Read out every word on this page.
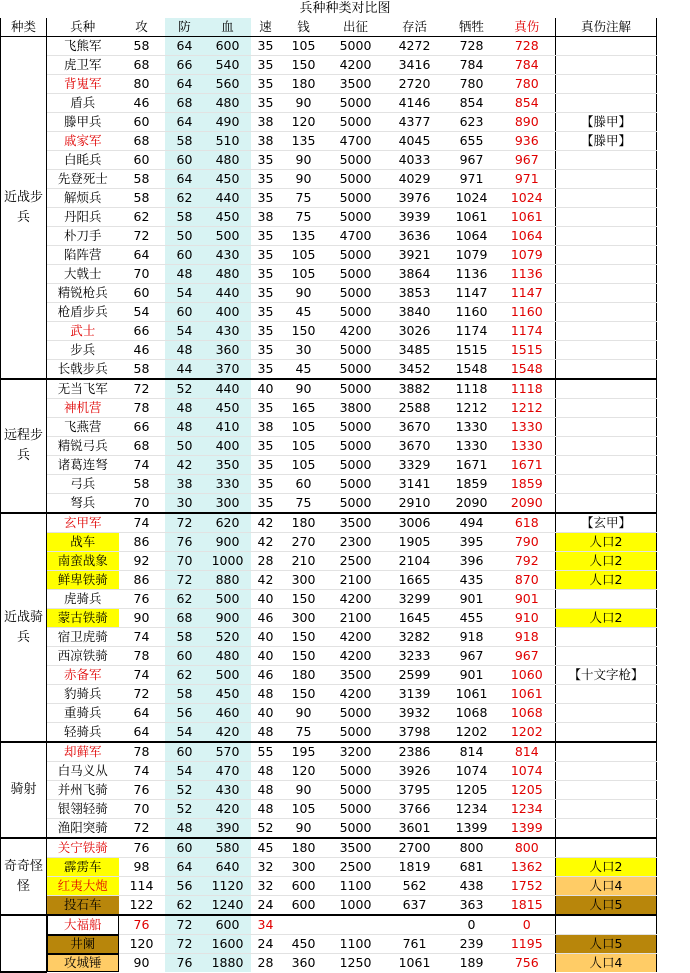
兵种种类对比图
种类	兵种	攻	防	血	速	钱	出征	存活	牺牲	真伤	真伤注解
近战步兵	飞熊军	58	64	600	35	105	5000	4272	728	728	
	虎卫军	68	66	540	35	150	4200	3416	784	784	
	背嵬军	80	64	560	35	180	3500	2720	780	780	
	盾兵	46	68	480	35	90	5000	4146	854	854	
	滕甲兵	60	64	490	38	120	5000	4377	623	890	【滕甲】
	戚家军	68	58	510	38	135	4700	4045	655	936	【滕甲】
	白眊兵	60	60	480	35	90	5000	4033	967	967	
	先登死士	58	64	450	35	90	5000	4029	971	971	
	解烦兵	58	62	440	35	75	5000	3976	1024	1024	
	丹阳兵	62	58	450	38	75	5000	3939	1061	1061	
	朴刀手	72	50	500	35	135	4700	3636	1064	1064	
	陷阵营	64	60	430	35	105	5000	3921	1079	1079	
	大戟士	70	48	480	35	105	5000	3864	1136	1136	
	精锐枪兵	60	54	440	35	90	5000	3853	1147	1147	
	枪盾步兵	54	60	400	35	45	5000	3840	1160	1160	
	武士	66	54	430	35	150	4200	3026	1174	1174	
	步兵	46	48	360	35	30	5000	3485	1515	1515	
	长戟步兵	58	44	370	35	45	5000	3452	1548	1548	
远程步兵	无当飞军	72	52	440	40	90	5000	3882	1118	1118	
	神机营	78	48	450	35	165	3800	2588	1212	1212	
	飞燕营	66	48	410	38	105	5000	3670	1330	1330	
	精锐弓兵	68	50	400	35	105	5000	3670	1330	1330	
	诸葛连弩	74	42	350	35	105	5000	3329	1671	1671	
	弓兵	58	38	330	35	60	5000	3141	1859	1859	
	弩兵	70	30	300	35	75	5000	2910	2090	2090	
近战骑兵	玄甲军	74	72	620	42	180	3500	3006	494	618	【玄甲】
	战车	86	76	900	42	270	2300	1905	395	790	人口2
	南蛮战象	92	70	1000	28	210	2500	2104	396	792	人口2
	鲜卑铁骑	86	72	880	42	300	2100	1665	435	870	人口2
	虎骑兵	76	62	500	40	150	4200	3299	901	901	
	蒙古铁骑	90	68	900	46	300	2100	1645	455	910	人口2
	宿卫虎骑	74	58	520	40	150	4200	3282	918	918	
	西凉铁骑	78	60	480	40	150	4200	3233	967	967	
	赤备军	74	62	500	46	180	3500	2599	901	1060	【十文字枪】
	豹骑兵	72	58	450	48	150	4200	3139	1061	1061	
	重骑兵	64	56	460	40	90	5000	3932	1068	1068	
	轻骑兵	64	54	420	48	75	5000	3798	1202	1202	
骑射	却藓军	78	60	570	55	195	3200	2386	814	814	
	白马义从	74	54	470	48	120	5000	3926	1074	1074	
	并州飞骑	76	52	430	48	90	5000	3795	1205	1205	
	银翎轻骑	70	52	420	48	105	5000	3766	1234	1234	
	渔阳突骑	72	48	390	52	90	5000	3601	1399	1399	
奇奇怪怪	关宁铁骑	76	60	580	45	180	3500	2700	800	800	
	霹雳车	98	64	640	32	300	2500	1819	681	1362	人口2
	红夷大炮	114	56	1120	32	600	1100	562	438	1752	人口4
	投石车	122	62	1240	24	600	1000	637	363	1815	人口5
	大福船	76	72	600	34				0	0	
	井阑	120	72	1600	24	450	1100	761	239	1195	人口5
	攻城锤	90	76	1880	28	360	1250	1061	189	756	人口4
